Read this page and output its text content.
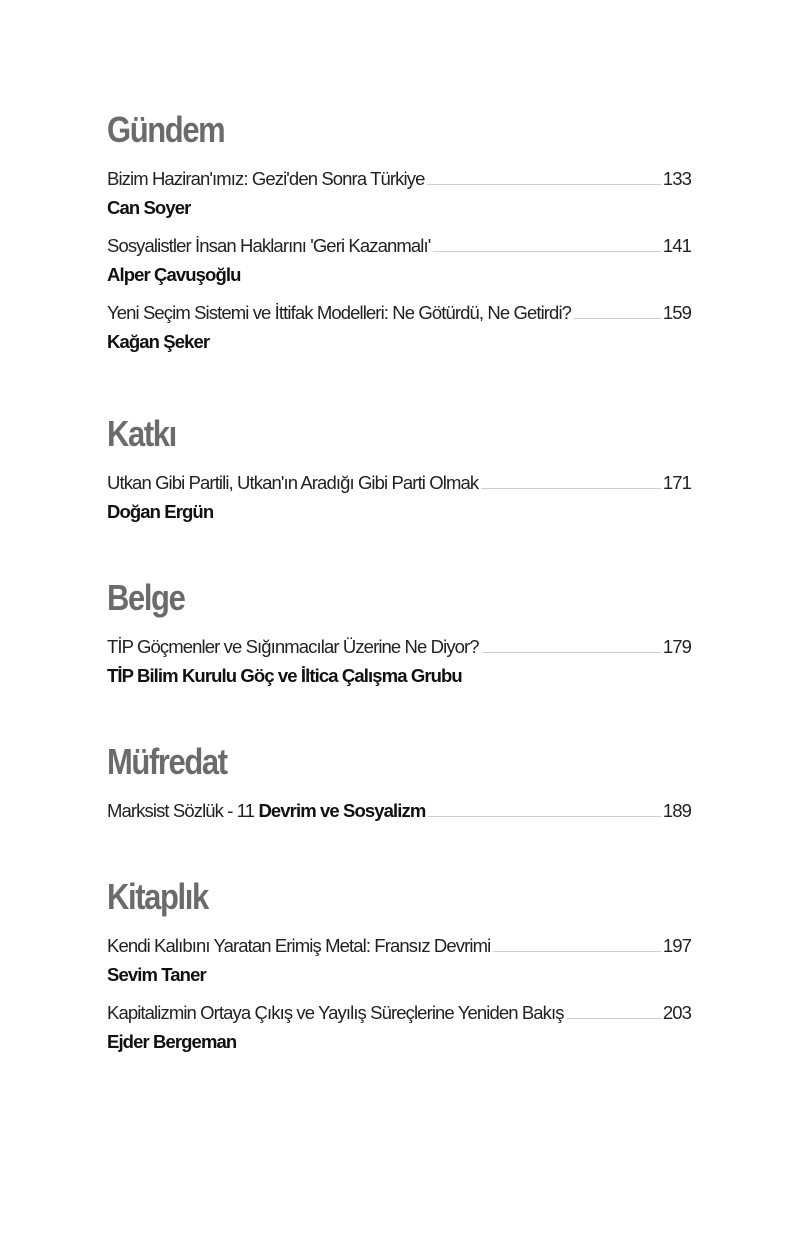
Gündem
Bizim Haziran'ımız: Gezi'den Sonra Türkiye	133
Can Soyer
Sosyalistler İnsan Haklarını 'Geri Kazanmalı'	141
Alper Çavuşoğlu
Yeni Seçim Sistemi ve İttifak Modelleri: Ne Götürdü, Ne Getirdi?	159
Kağan Şeker
Katkı
Utkan Gibi Partili, Utkan'ın Aradığı Gibi Parti Olmak	171
Doğan Ergün
Belge
TİP Göçmenler ve Sığınmacılar Üzerine Ne Diyor?	179
TİP Bilim Kurulu Göç ve İltica Çalışma Grubu
Müfredat
Marksist Sözlük - 11 Devrim ve Sosyalizm	189
Kitaplık
Kendi Kalıbını Yaratan Erimiş Metal: Fransız Devrimi	197
Sevim Taner
Kapitalizmin Ortaya Çıkış ve Yayılış Süreçlerine Yeniden Bakış	203
Ejder Bergeman
